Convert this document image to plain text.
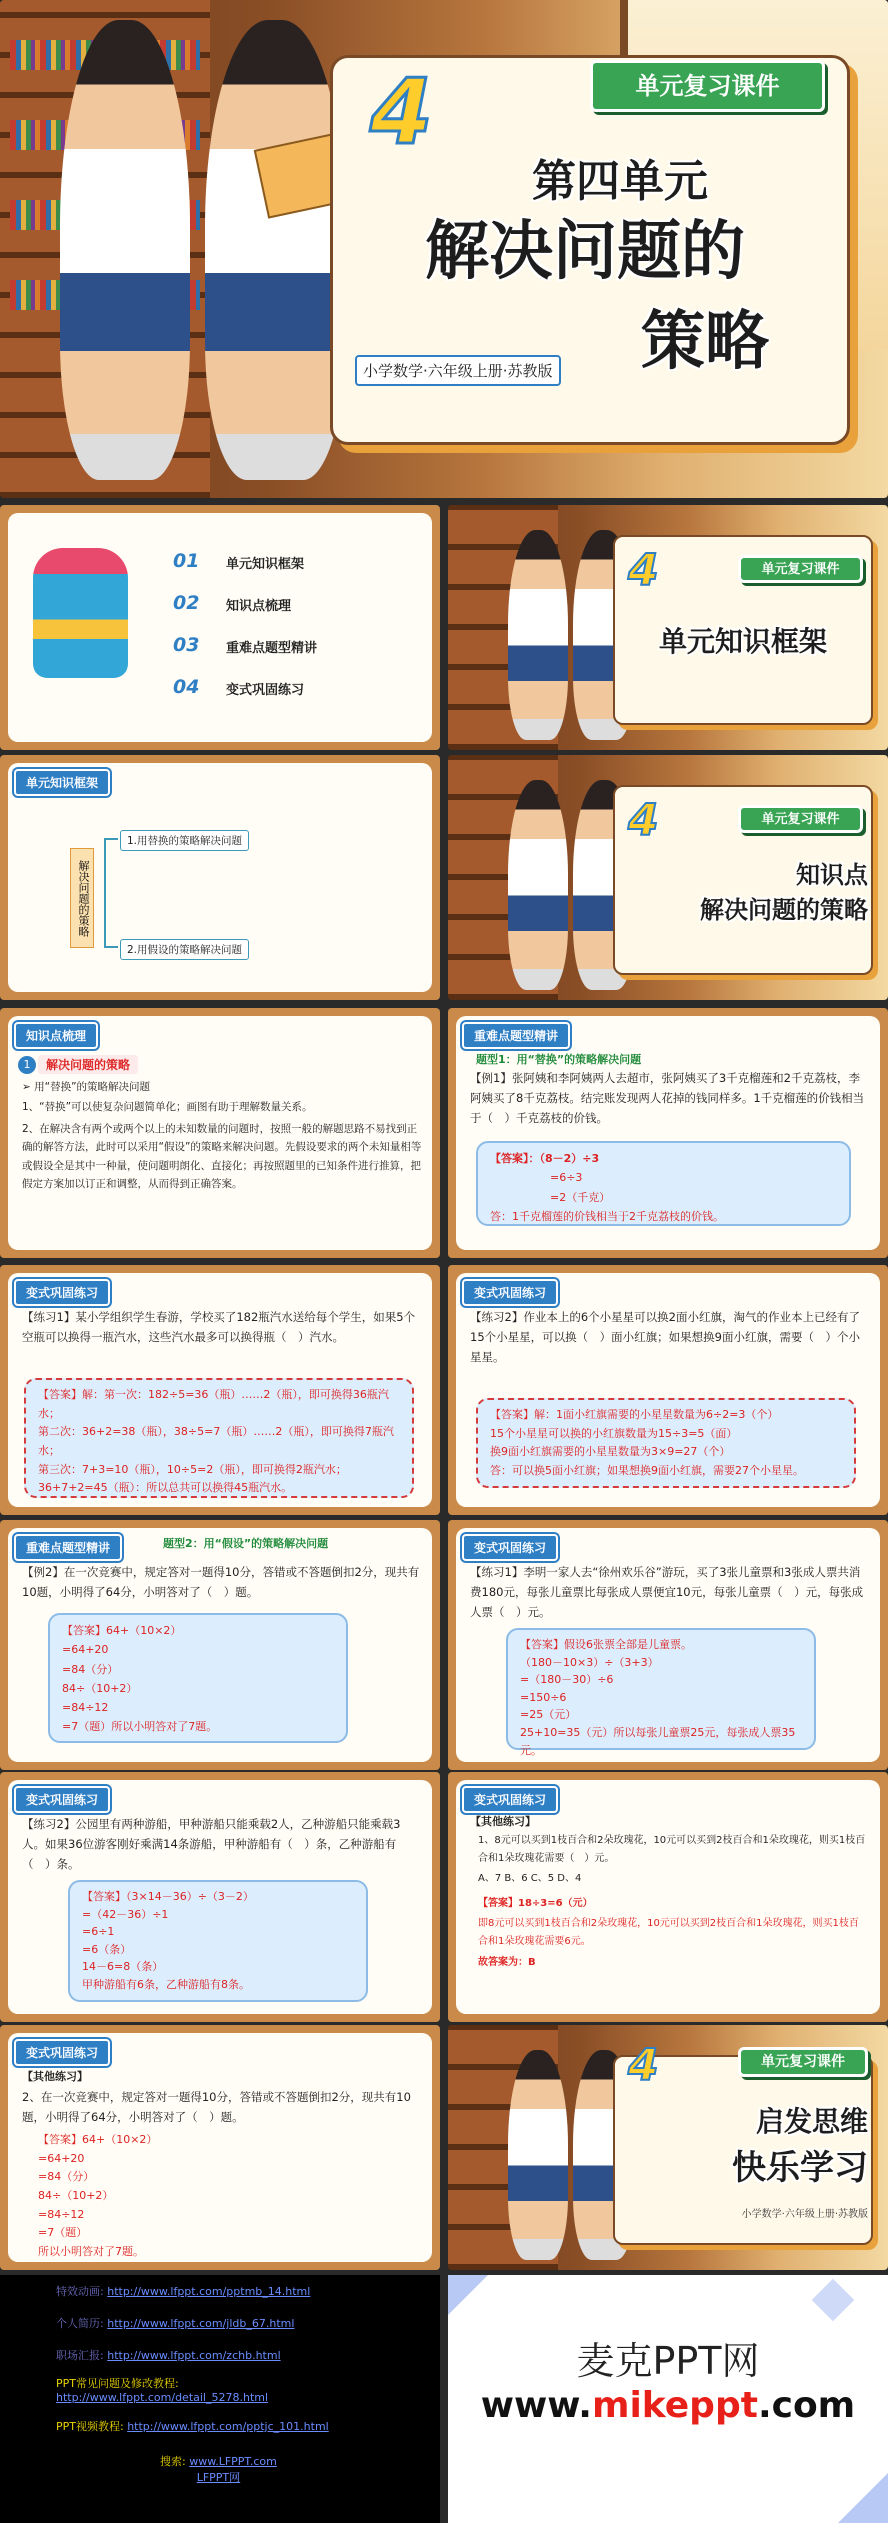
单元复习课件
4
第四单元
解决问题的
策略
小学数学·六年级上册·苏教版
01 单元知识框架
02 知识点梳理
03 重难点题型精讲
04 变式巩固练习
单元复习课件
4
单元知识框架
单元知识框架
解决问题的策略
1.用替换的策略解决问题
2.用假设的策略解决问题
单元复习课件
4
知识点
解决问题的策略
知识点梳理
1	解决问题的策略
➢ 用“替换”的策略解决问题
1、“替换”可以使复杂问题简单化；画图有助于理解数量关系。
2、在解决含有两个或两个以上的未知数量的问题时，按照一般的解题思路不易找到正确的解答方法，此时可以采用“假设”的策略来解决问题。先假设要求的两个未知量相等或假设全是其中一种量，使问题明朗化、直接化；再按照题里的已知条件进行推算，把假定方案加以订正和调整，从而得到正确答案。
重难点题型精讲
题型1：用“替换”的策略解决问题
【例1】张阿姨和李阿姨两人去超市，张阿姨买了3千克榴莲和2千克荔枝，李阿姨买了8千克荔枝。结完账发现两人花掉的钱同样多。1千克榴莲的价钱相当于（　）千克荔枝的价钱。
【答案】：（8－2）÷3
=6÷3
=2（千克）
答：1千克榴莲的价钱相当于2千克荔枝的价钱。
变式巩固练习
【练习1】某小学组织学生春游，学校买了182瓶汽水送给每个学生，如果5个空瓶可以换得一瓶汽水，这些汽水最多可以换得瓶（　）汽水。
【答案】解：第一次：182÷5=36（瓶）……2（瓶），即可换得36瓶汽水；
第二次：36+2=38（瓶），38÷5=7（瓶）……2（瓶），即可换得7瓶汽水；
第三次：7+3=10（瓶），10÷5=2（瓶），即可换得2瓶汽水；
36+7+2=45（瓶）：所以总共可以换得45瓶汽水。
变式巩固练习
【练习2】作业本上的6个小星星可以换2面小红旗，淘气的作业本上已经有了15个小星星，可以换（　）面小红旗；如果想换9面小红旗，需要（　）个小星星。
【答案】解：1面小红旗需要的小星星数量为6÷2=3（个）
15个小星星可以换的小红旗数量为15÷3=5（面）
换9面小红旗需要的小星星数量为3×9=27（个）
答：可以换5面小红旗；如果想换9面小红旗，需要27个小星星。
重难点题型精讲	题型2：用“假设”的策略解决问题
【例2】在一次竞赛中，规定答对一题得10分，答错或不答题倒扣2分，现共有10题，小明得了64分，小明答对了（　）题。
【答案】64+（10×2）
=64+20
=84（分）
84÷（10+2）
=84÷12
=7（题）所以小明答对了7题。
变式巩固练习
【练习1】李明一家人去“徐州欢乐谷”游玩，买了3张儿童票和3张成人票共消费180元，每张儿童票比每张成人票便宜10元，每张儿童票（　）元，每张成人票（　）元。
【答案】假设6张票全部是儿童票。
（180－10×3）÷（3+3）
=（180－30）÷6
=150÷6
=25（元）
25+10=35（元）所以每张儿童票25元，每张成人票35元。
变式巩固练习
【练习2】公园里有两种游船，甲种游船只能乘载2人，乙种游船只能乘载3人。如果36位游客刚好乘满14条游船，甲种游船有（　）条，乙种游船有（　）条。
【答案】（3×14－36）÷（3－2）
=（42－36）÷1
=6÷1
=6（条）
14－6=8（条）
甲种游船有6条，乙种游船有8条。
变式巩固练习
【其他练习】
1、8元可以买到1枝百合和2朵玫瑰花，10元可以买到2枝百合和1朵玫瑰花，则买1枝百合和1朵玫瑰花需要（　）元。
A、7 B、6 C、5 D、4
【答案】18÷3=6（元）
即8元可以买到1枝百合和2朵玫瑰花，10元可以买到2枝百合和1朵玫瑰花，则买1枝百合和1朵玫瑰花需要6元。
故答案为：B
变式巩固练习
【其他练习】
2、在一次竞赛中，规定答对一题得10分，答错或不答题倒扣2分，现共有10题，小明得了64分，小明答对了（　）题。
【答案】64+（10×2）
=64+20
=84（分）
84÷（10+2）
=84÷12
=7（题）
所以小明答对了7题。
单元复习课件
4
启发思维
快乐学习
小学数学·六年级上册·苏教版
特效动画: http://www.lfppt.com/pptmb_14.html
个人简历: http://www.lfppt.com/jldb_67.html
职场汇报: http://www.lfppt.com/zchb.html
PPT常见问题及修改教程:
http://www.lfppt.com/detail_5278.html
PPT视频教程: http://www.lfppt.com/pptjc_101.html
搜索: www.LFPPT.com
LFPPT网
麦克PPT网
www.mikeppt.com
